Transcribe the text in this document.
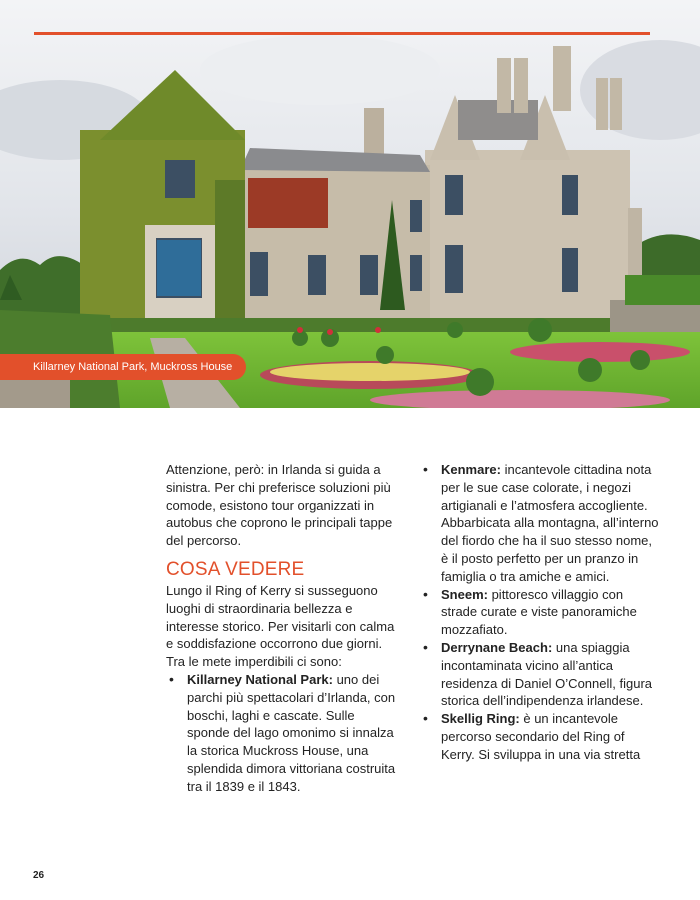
Killarney National Park, Muckross House

Attenzione, però: in Irlanda si guida a sinistra. Per chi preferisce soluzioni più comode, esistono tour organizzati in autobus che coprono le principali tappe del percorso.

COSA VEDERE

Lungo il Ring of Kerry si susseguono luoghi di straordinaria bellezza e interesse storico. Per visitarli con calma e soddisfazione occorrono due giorni. Tra le mete imperdibili ci sono:

• Killarney National Park: uno dei parchi più spettacolari d’Irlanda, con boschi, laghi e cascate. Sulle sponde del lago omonimo si innalza la storica Muckross House, una splendida dimora vittoriana costruita tra il 1839 e il 1843.
• Kenmare: incantevole cittadina nota per le sue case colorate, i negozi artigianali e l’atmosfera accogliente. Abbarbicata alla montagna, all’interno del fiordo che ha il suo stesso nome, è il posto perfetto per un pranzo in famiglia o tra amiche e amici.
• Sneem: pittoresco villaggio con strade curate e viste panoramiche mozzafiato.
• Derrynane Beach: una spiaggia incontaminata vicino all’antica residenza di Daniel O’Connell, figura storica dell’indipendenza irlandese.
• Skellig Ring: è un incantevole percorso secondario del Ring of Kerry. Si sviluppa in una via stretta
26
